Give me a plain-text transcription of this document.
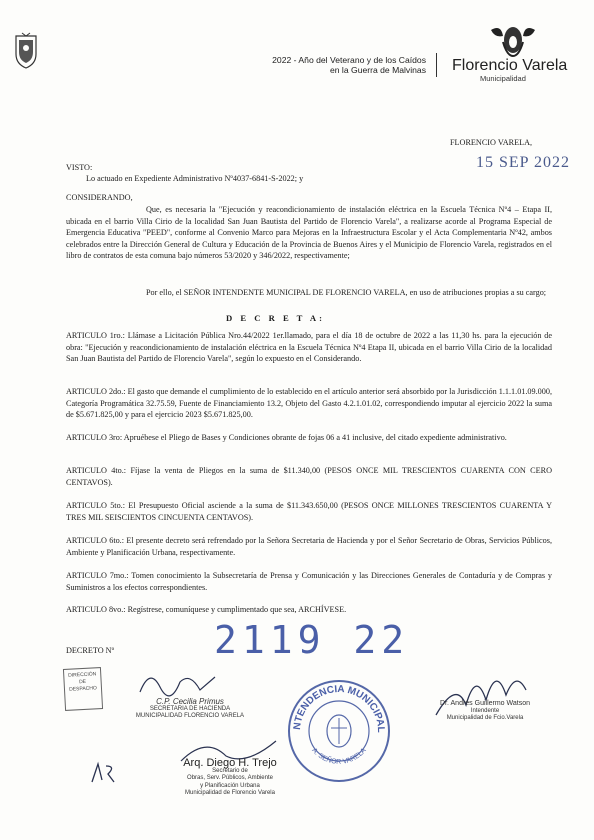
2022 - Año del Veterano y de los Caídos
en la Guerra de Malvinas Florencio Varela
Municipalidad
FLORENCIO VARELA,
15 SEP 2022
VISTO:
Lo actuado en Expediente Administrativo Nº4037-6841-S-2022; y
CONSIDERANDO,
Que, es necesaria la "Ejecución y reacondicionamiento de instalación eléctrica en la Escuela Técnica Nº4 – Etapa II, ubicada en el barrio Villa Cirio de la localidad San Juan Bautista del Partido de Florencio Varela", a realizarse acorde al Programa Especial de Emergencia Educativa "PEED", conforme al Convenio Marco para Mejoras en la Infraestructura Escolar y el Acta Complementaria Nº42, ambos celebrados entre la Dirección General de Cultura y Educación de la Provincia de Buenos Aires y el Municipio de Florencio Varela, registrados en el libro de contratos de esta comuna bajo números 53/2020 y 346/2022, respectivamente;
Por ello, el SEÑOR INTENDENTE MUNICIPAL DE FLORENCIO VARELA, en uso de atribuciones propias a su cargo;
D E C R E T A:
ARTICULO 1ro.: Llámase a Licitación Pública Nro.44/2022 1er.llamado, para el día 18 de octubre de 2022 a las 11,30 hs. para la ejecución de obra: "Ejecución y reacondicionamiento de instalación eléctrica en la Escuela Técnica Nº4 Etapa II, ubicada en el barrio Villa Cirio de la localidad San Juan Bautista del Partido de Florencio Varela", según lo expuesto en el Considerando.
ARTICULO 2do.: El gasto que demande el cumplimiento de lo establecido en el artículo anterior será absorbido por la Jurisdicción 1.1.1.01.09.000, Categoría Programática 32.75.59, Fuente de Financiamiento 13.2, Objeto del Gasto 4.2.1.01.02, correspondiendo imputar al ejercicio 2022 la suma de $5.671.825,00 y para el ejercicio 2023 $5.671.825,00.
ARTICULO 3ro: Apruébese el Pliego de Bases y Condiciones obrante de fojas 06 a 41 inclusive, del citado expediente administrativo.
ARTICULO 4to.: Fíjase la venta de Pliegos en la suma de $11.340,00 (PESOS ONCE MIL TRESCIENTOS CUARENTA CON CERO CENTAVOS).
ARTICULO 5to.: El Presupuesto Oficial asciende a la suma de $11.343.650,00 (PESOS ONCE MILLONES TRESCIENTOS CUARENTA Y TRES MIL SEISCIENTOS CINCUENTA CENTAVOS).
ARTICULO 6to.: El presente decreto será refrendado por la Señora Secretaria de Hacienda y por el Señor Secretario de Obras, Servicios Públicos, Ambiente y Planificación Urbana, respectivamente.
ARTICULO 7mo.: Tomen conocimiento la Subsecretaría de Prensa y Comunicación y las Direcciones Generales de Contaduría y de Compras y Suministros a los efectos correspondientes.
ARTICULO 8vo.: Regístrese, comuníquese y cumplimentado que sea, ARCHÍVESE.
DECRETO Nº	2119 22
DIRECCIÓN DE DESPACHO
C.P. Cecilia Primus
SECRETARIA DE HACIENDA
MUNICIPALIDAD FLORENCIO VARELA
Arq. Diego H. Trejo
Secretario de
Obras, Serv. Públicos, Ambiente
y Planificación Urbana
Municipalidad de Florencio Varela
NTENDENCIA MUNICIPAL
A. SEÑOR VARELA
Dr. Andrés Guillermo Watson
Intendente
Municipalidad de Fcio.Varela
